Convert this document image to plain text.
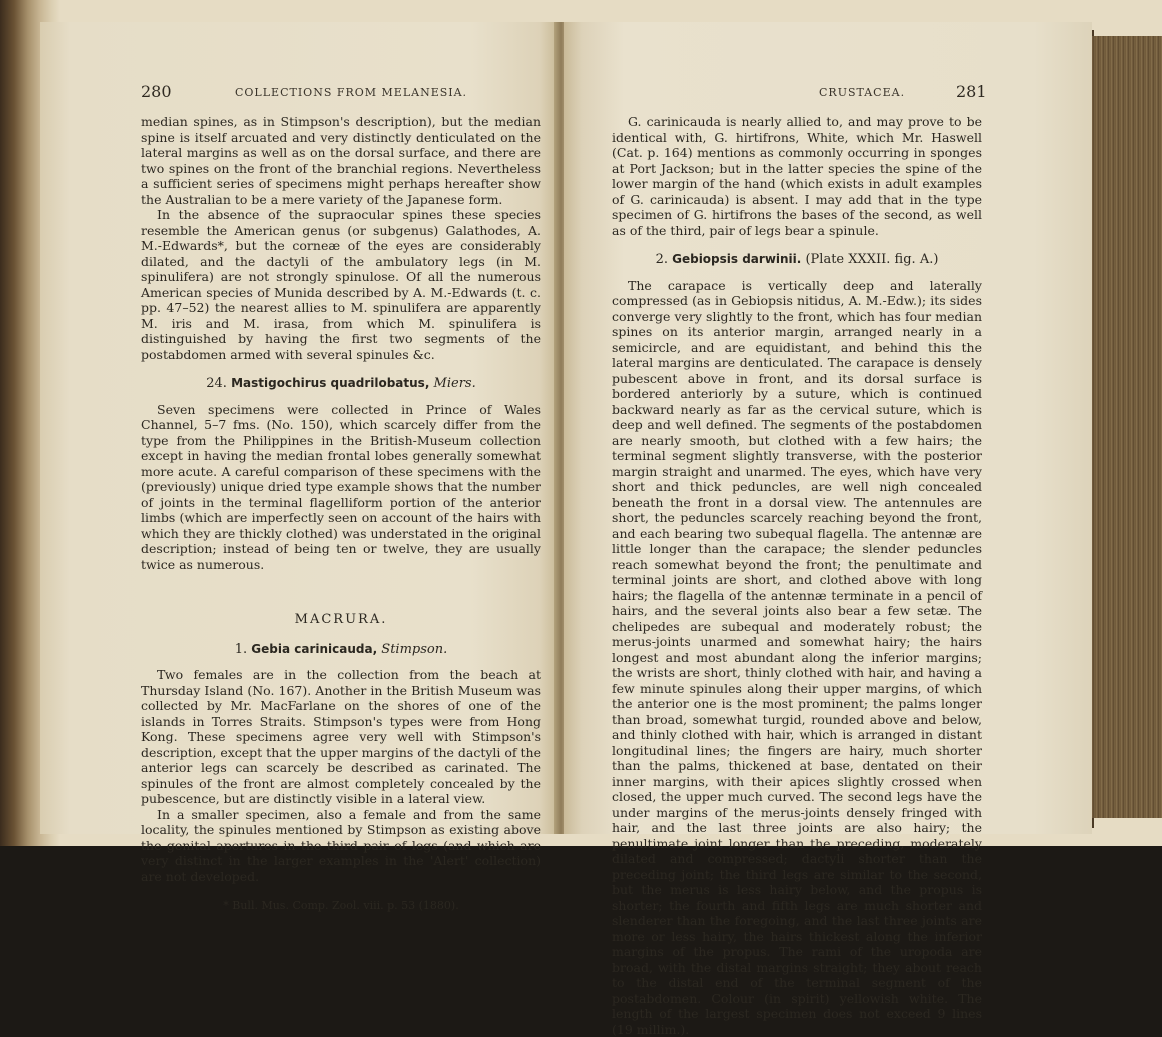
280	COLLECTIONS FROM MELANESIA.

median spines, as in Stimpson's description), but the median spine is itself arcuated and very distinctly denticulated on the lateral margins as well as on the dorsal surface, and there are two spines on the front of the branchial regions. Nevertheless a sufficient series of specimens might perhaps hereafter show the Australian to be a mere variety of the Japanese form.

In the absence of the supraocular spines these species resemble the American genus (or subgenus) Galathodes, A. M.-Edwards*, but the corneæ of the eyes are considerably dilated, and the dactyli of the ambulatory legs (in M. spinulifera) are not strongly spinulose. Of all the numerous American species of Munida described by A. M.-Edwards (t. c. pp. 47–52) the nearest allies to M. spinulifera are apparently M. iris and M. irasa, from which M. spinulifera is distinguished by having the first two segments of the postabdomen armed with several spinules &c.

24. Mastigochirus quadrilobatus, Miers.

Seven specimens were collected in Prince of Wales Channel, 5–7 fms. (No. 150), which scarcely differ from the type from the Philippines in the British-Museum collection except in having the median frontal lobes generally somewhat more acute. A careful comparison of these specimens with the (previously) unique dried type example shows that the number of joints in the terminal flagelliform portion of the anterior limbs (which are imperfectly seen on account of the hairs with which they are thickly clothed) was understated in the original description; instead of being ten or twelve, they are usually twice as numerous.

MACRURA.

1. Gebia carinicauda, Stimpson.

Two females are in the collection from the beach at Thursday Island (No. 167). Another in the British Museum was collected by Mr. MacFarlane on the shores of one of the islands in Torres Straits. Stimpson's types were from Hong Kong. These specimens agree very well with Stimpson's description, except that the upper margins of the dactyli of the anterior legs can scarcely be described as carinated. The spinules of the front are almost completely concealed by the pubescence, but are distinctly visible in a lateral view.

In a smaller specimen, also a female and from the same locality, the spinules mentioned by Stimpson as existing above the genital apertures in the third pair of legs (and which are very distinct in the larger examples in the 'Alert' collection) are not developed.

* Bull. Mus. Comp. Zool. viii. p. 53 (1880).

CRUSTACEA.	281

G. carinicauda is nearly allied to, and may prove to be identical with, G. hirtifrons, White, which Mr. Haswell (Cat. p. 164) mentions as commonly occurring in sponges at Port Jackson; but in the latter species the spine of the lower margin of the hand (which exists in adult examples of G. carinicauda) is absent. I may add that in the type specimen of G. hirtifrons the bases of the second, as well as of the third, pair of legs bear a spinule.

2. Gebiopsis darwinii. (Plate XXXII. fig. A.)

The carapace is vertically deep and laterally compressed (as in Gebiopsis nitidus, A. M.-Edw.); its sides converge very slightly to the front, which has four median spines on its anterior margin, arranged nearly in a semicircle, and are equidistant, and behind this the lateral margins are denticulated. The carapace is densely pubescent above in front, and its dorsal surface is bordered anteriorly by a suture, which is continued backward nearly as far as the cervical suture, which is deep and well defined. The segments of the postabdomen are nearly smooth, but clothed with a few hairs; the terminal segment slightly transverse, with the posterior margin straight and unarmed. The eyes, which have very short and thick peduncles, are well nigh concealed beneath the front in a dorsal view. The antennules are short, the peduncles scarcely reaching beyond the front, and each bearing two subequal flagella. The antennæ are little longer than the carapace; the slender peduncles reach somewhat beyond the front; the penultimate and terminal joints are short, and clothed above with long hairs; the flagella of the antennæ terminate in a pencil of hairs, and the several joints also bear a few setæ. The chelipedes are subequal and moderately robust; the merus-joints unarmed and somewhat hairy; the hairs longest and most abundant along the inferior margins; the wrists are short, thinly clothed with hair, and having a few minute spinules along their upper margins, of which the anterior one is the most prominent; the palms longer than broad, somewhat turgid, rounded above and below, and thinly clothed with hair, which is arranged in distant longitudinal lines; the fingers are hairy, much shorter than the palms, thickened at base, dentated on their inner margins, with their apices slightly crossed when closed, the upper much curved. The second legs have the under margins of the merus-joints densely fringed with hair, and the last three joints are also hairy; the penultimate joint longer than the preceding, moderately dilated and compressed; dactyli shorter than the preceding joint; the third legs are similar to the second, but the merus is less hairy below, and the propus is shorter; the fourth and fifth legs are much shorter and slenderer than the foregoing, and the last three joints are more or less hairy, the hairs thickest along the inferior margins of the propus. The rami of the uropoda are broad, with the distal margins straight; they about reach to the distal end of the terminal segment of the postabdomen. Colour (in spirit) yellowish white. The length of the largest specimen does not exceed 9 lines (19 millim.).
